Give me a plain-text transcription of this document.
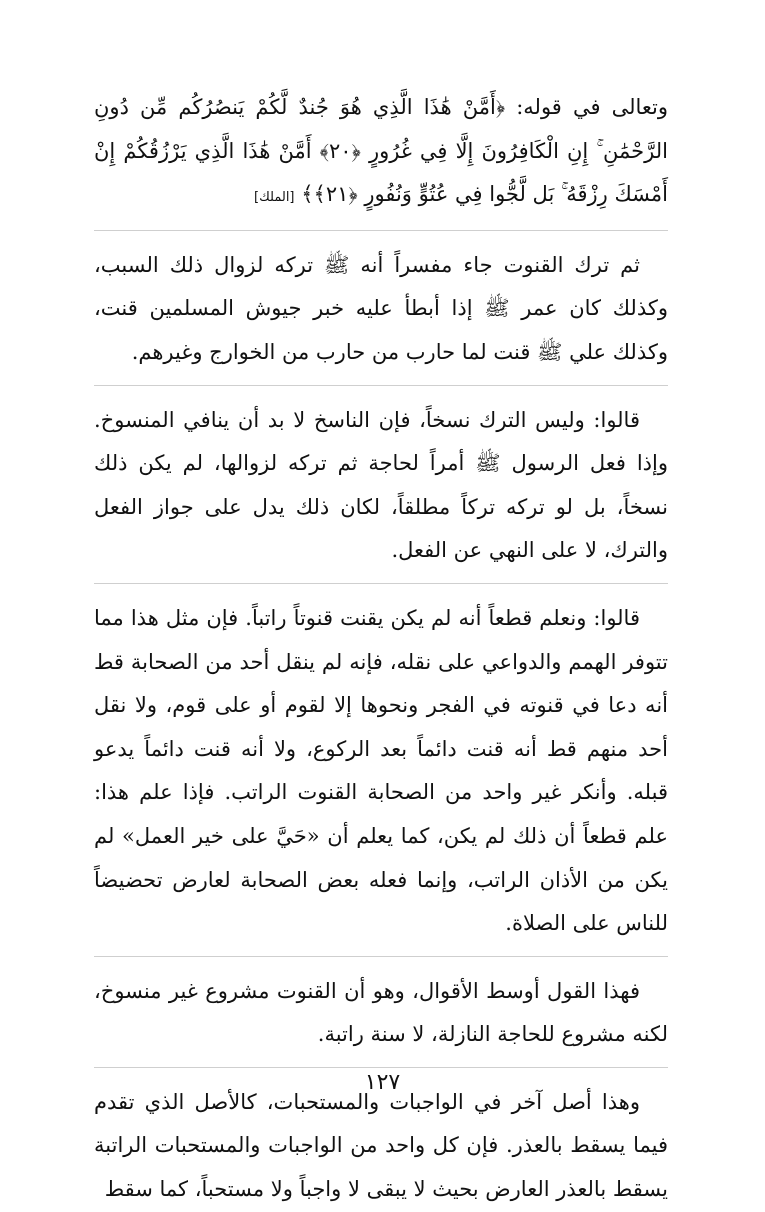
وتعالى في قوله: ﴿أَمَّنْ هَٰذَا الَّذِي هُوَ جُندٌ لَّكُمْ يَنصُرُكُم مِّن دُونِ الرَّحْمَٰنِ ۚ إِنِ الْكَافِرُونَ إِلَّا فِي غُرُورٍ ﴿٢٠﴾ أَمَّنْ هَٰذَا الَّذِي يَرْزُقُكُمْ إِنْ أَمْسَكَ رِزْقَهُ ۚ بَل لَّجُّوا فِي عُتُوٍّ وَنُفُورٍ ﴿٢١﴾﴾ [الملك]

ثم ترك القنوت جاء مفسراً أنه ﷺ تركه لزوال ذلك السبب، وكذلك كان عمر ﷺ إذا أبطأ عليه خبر جيوش المسلمين قنت، وكذلك علي ﷺ قنت لما حارب من حارب من الخوارج وغيرهم.

قالوا: وليس الترك نسخاً، فإن الناسخ لا بد أن ينافي المنسوخ. وإذا فعل الرسول ﷺ أمراً لحاجة ثم تركه لزوالها، لم يكن ذلك نسخاً، بل لو تركه تركاً مطلقاً، لكان ذلك يدل على جواز الفعل والترك، لا على النهي عن الفعل.

قالوا: ونعلم قطعاً أنه لم يكن يقنت قنوتاً راتباً. فإن مثل هذا مما تتوفر الهمم والدواعي على نقله، فإنه لم ينقل أحد من الصحابة قط أنه دعا في قنوته في الفجر ونحوها إلا لقوم أو على قوم، ولا نقل أحد منهم قط أنه قنت دائماً بعد الركوع، ولا أنه قنت دائماً يدعو قبله. وأنكر غير واحد من الصحابة القنوت الراتب. فإذا علم هذا: علم قطعاً أن ذلك لم يكن، كما يعلم أن «حَيَّ على خير العمل» لم يكن من الأذان الراتب، وإنما فعله بعض الصحابة لعارض تحضيضاً للناس على الصلاة.

فهذا القول أوسط الأقوال، وهو أن القنوت مشروع غير منسوخ، لكنه مشروع للحاجة النازلة، لا سنة راتبة.

وهذا أصل آخر في الواجبات والمستحبات، كالأصل الذي تقدم فيما يسقط بالعذر. فإن كل واحد من الواجبات والمستحبات الراتبة يسقط بالعذر العارض بحيث لا يبقى لا واجباً ولا مستحباً، كما سقط

١٢٧
